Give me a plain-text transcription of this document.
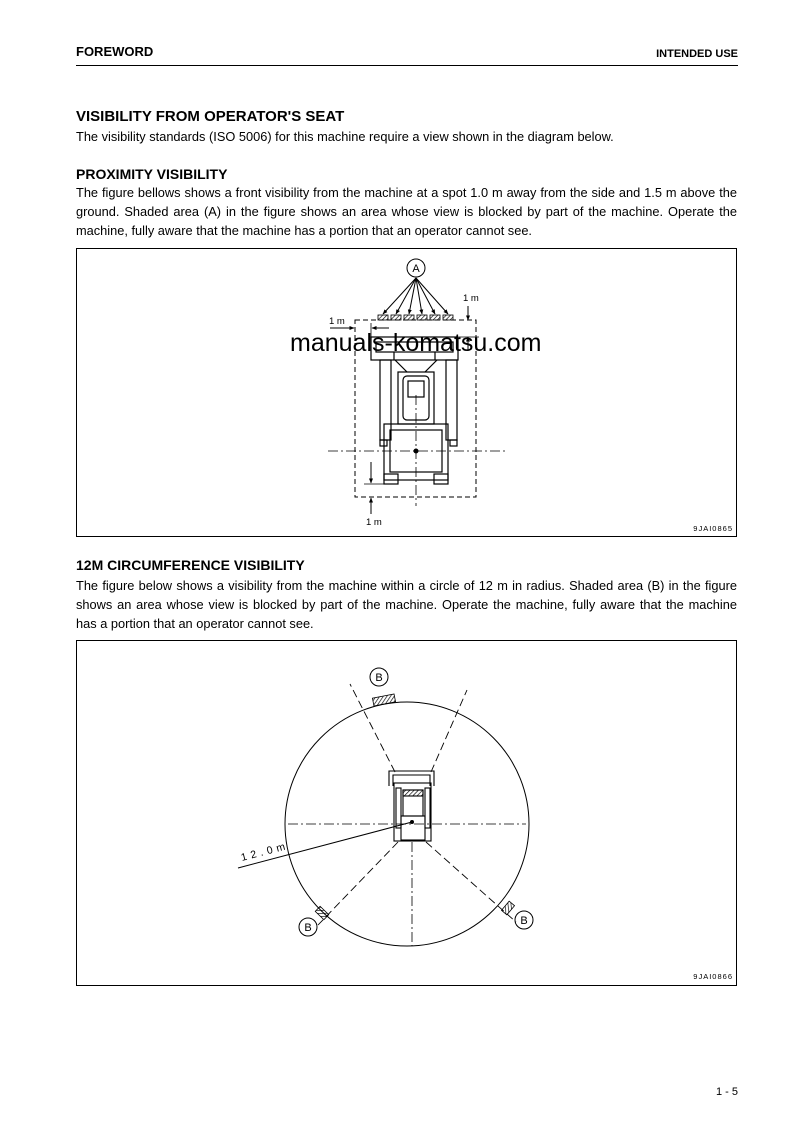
FOREWORD	INTENDED USE
VISIBILITY FROM OPERATOR'S SEAT
The visibility standards (ISO 5006) for this machine require a view shown in the diagram below.
PROXIMITY VISIBILITY
The figure bellows shows a front visibility from the machine at a spot 1.0 m away from the side and 1.5 m above the
ground. Shaded area (A) in the figure shows an area whose view is blocked by part of the machine. Operate the
machine, fully aware that the machine has a portion that an operator cannot see.
A
1 m
1 m
1 m
9JAI0865
manuals-komatsu.com
12M CIRCUMFERENCE VISIBILITY
The figure below shows a visibility from the machine within a circle of 12 m in radius. Shaded area (B) in the figure
shows an area whose view is blocked by part of the machine. Operate the machine, fully aware that the machine
has a portion that an operator cannot see.
12.0m
B
B
B
9JAI0866
1 - 5
